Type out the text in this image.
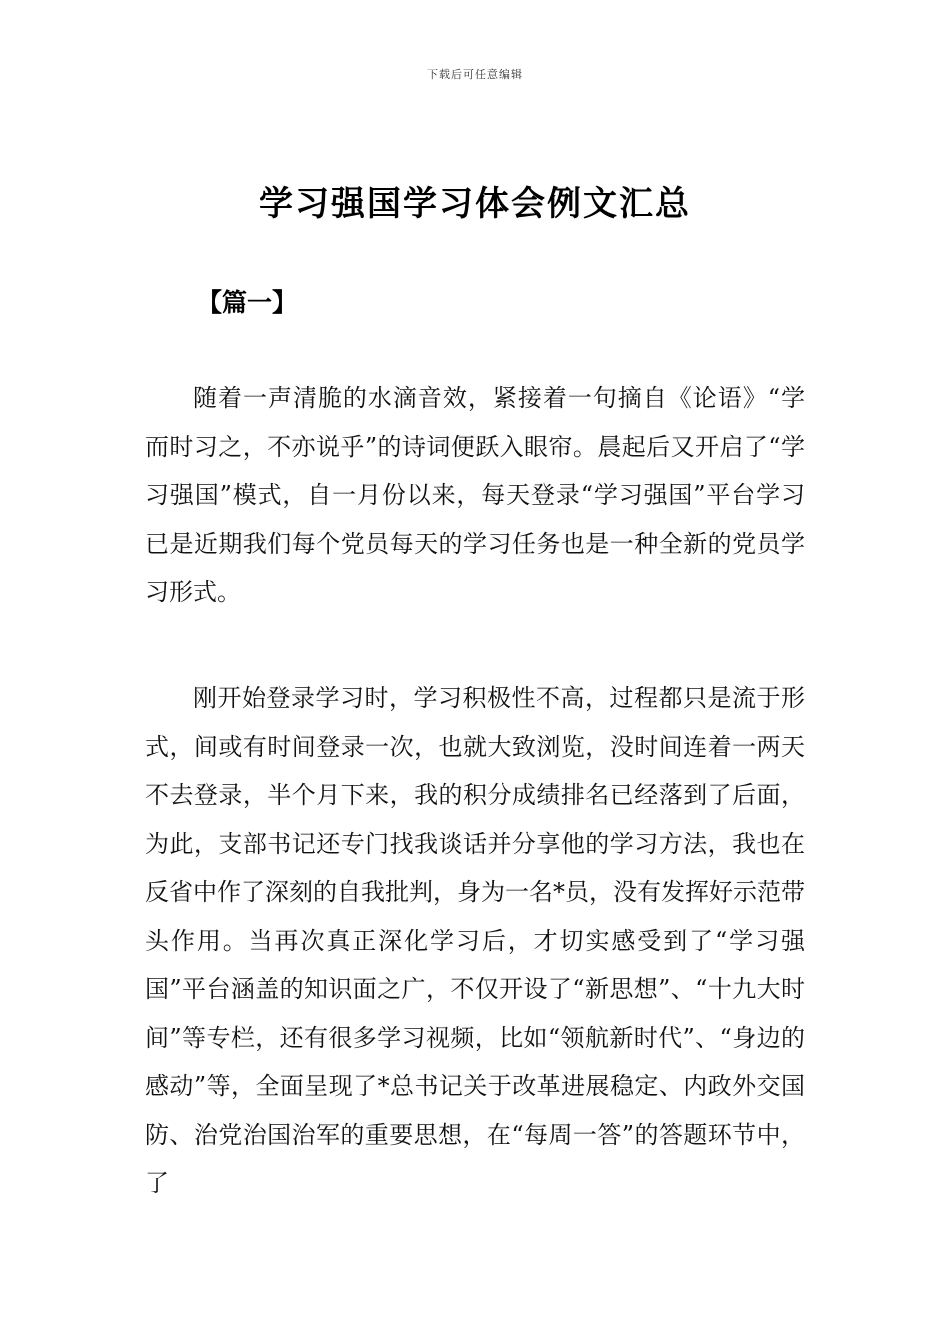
下载后可任意编辑
学习强国学习体会例文汇总
【篇一】

随着一声清脆的水滴音效，紧接着一句摘自《论语》“学而时习之，不亦说乎”的诗词便跃入眼帘。晨起后又开启了“学习强国”模式，自一月份以来，每天登录“学习强国”平台学习已是近期我们每个党员每天的学习任务也是一种全新的党员学习形式。

刚开始登录学习时，学习积极性不高，过程都只是流于形式，间或有时间登录一次，也就大致浏览，没时间连着一两天不去登录，半个月下来，我的积分成绩排名已经落到了后面，为此，支部书记还专门找我谈话并分享他的学习方法，我也在反省中作了深刻的自我批判，身为一名*员，没有发挥好示范带头作用。当再次真正深化学习后，才切实感受到了“学习强国”平台涵盖的知识面之广，不仅开设了“新思想”、“十九大时间”等专栏，还有很多学习视频，比如“领航新时代”、“身边的感动”等，全面呈现了*总书记关于改革进展稳定、内政外交国防、治党治国治军的重要思想，在“每周一答”的答题环节中，了
